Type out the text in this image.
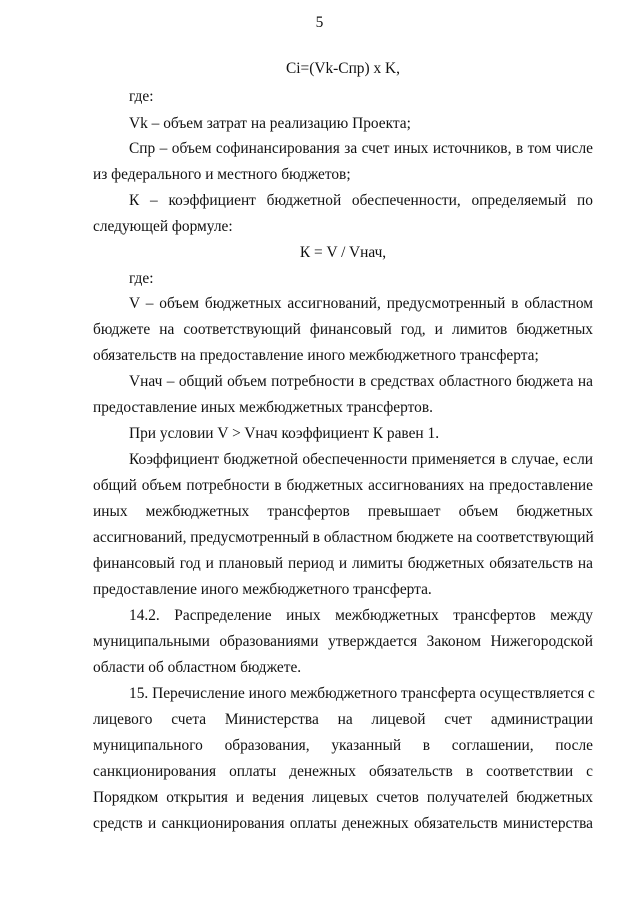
5
Ci=(Vk-Cпр) х K,
где:
Vk – объем затрат на реализацию Проекта;
Cпр – объем софинансирования за счет иных источников, в том числе
из федерального и местного бюджетов;
К – коэффициент бюджетной обеспеченности, определяемый по
следующей формуле:
К = V / Vнач,
где:
V – объем бюджетных ассигнований, предусмотренный в областном
бюджете на соответствующий финансовый год, и лимитов бюджетных
обязательств на предоставление иного межбюджетного трансферта;
Vнач – общий объем потребности в средствах областного бюджета на
предоставление иных межбюджетных трансфертов.
При условии V > Vнач коэффициент К равен 1.
Коэффициент бюджетной обеспеченности применяется в случае, если
общий объем потребности в бюджетных ассигнованиях на предоставление
иных межбюджетных трансфертов превышает объем бюджетных
ассигнований, предусмотренный в областном бюджете на соответствующий
финансовый год и плановый период и лимиты бюджетных обязательств на
предоставление иного межбюджетного трансферта.
14.2. Распределение иных межбюджетных трансфертов между
муниципальными образованиями утверждается Законом Нижегородской
области об областном бюджете.
15. Перечисление иного межбюджетного трансферта осуществляется с
лицевого счета Министерства на лицевой счет администрации
муниципального образования, указанный в соглашении, после
санкционирования оплаты денежных обязательств в соответствии с
Порядком открытия и ведения лицевых счетов получателей бюджетных
средств и санкционирования оплаты денежных обязательств министерства
